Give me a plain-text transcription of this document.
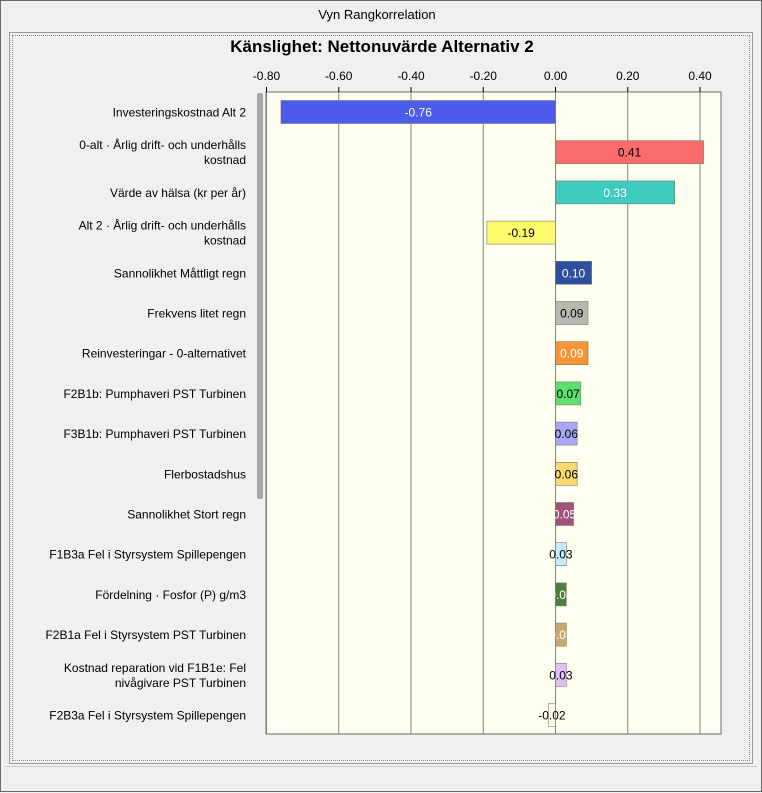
Vyn Rangkorrelation
Känslighet: Nettonuvärde Alternativ 2
-0.80	-0.60	-0.40	-0.20	0.00	0.20	0.40
-0.76
Investeringskostnad Alt 2
0.41
0-alt · Årlig drift- och underhålls
kostnad
0.33
Värde av hälsa (kr per år)
-0.19
Alt 2 · Årlig drift- och underhålls
kostnad
0.10
Sannolikhet Måttligt regn
0.09
Frekvens litet regn
0.09
Reinvesteringar - 0-alternativet
0.07
F2B1b: Pumphaveri PST Turbinen
0.06
F3B1b: Pumphaveri PST Turbinen
0.06
Flerbostadshus
0.05
Sannolikhet Stort regn
0.03
F1B3a Fel i Styrsystem Spillepengen
0.03
Fördelning · Fosfor (P) g/m3
0.03
F2B1a Fel i Styrsystem PST Turbinen
0.03
Kostnad reparation vid F1B1e: Fel
nivågivare PST Turbinen
-0.02
F2B3a Fel i Styrsystem Spillepengen
